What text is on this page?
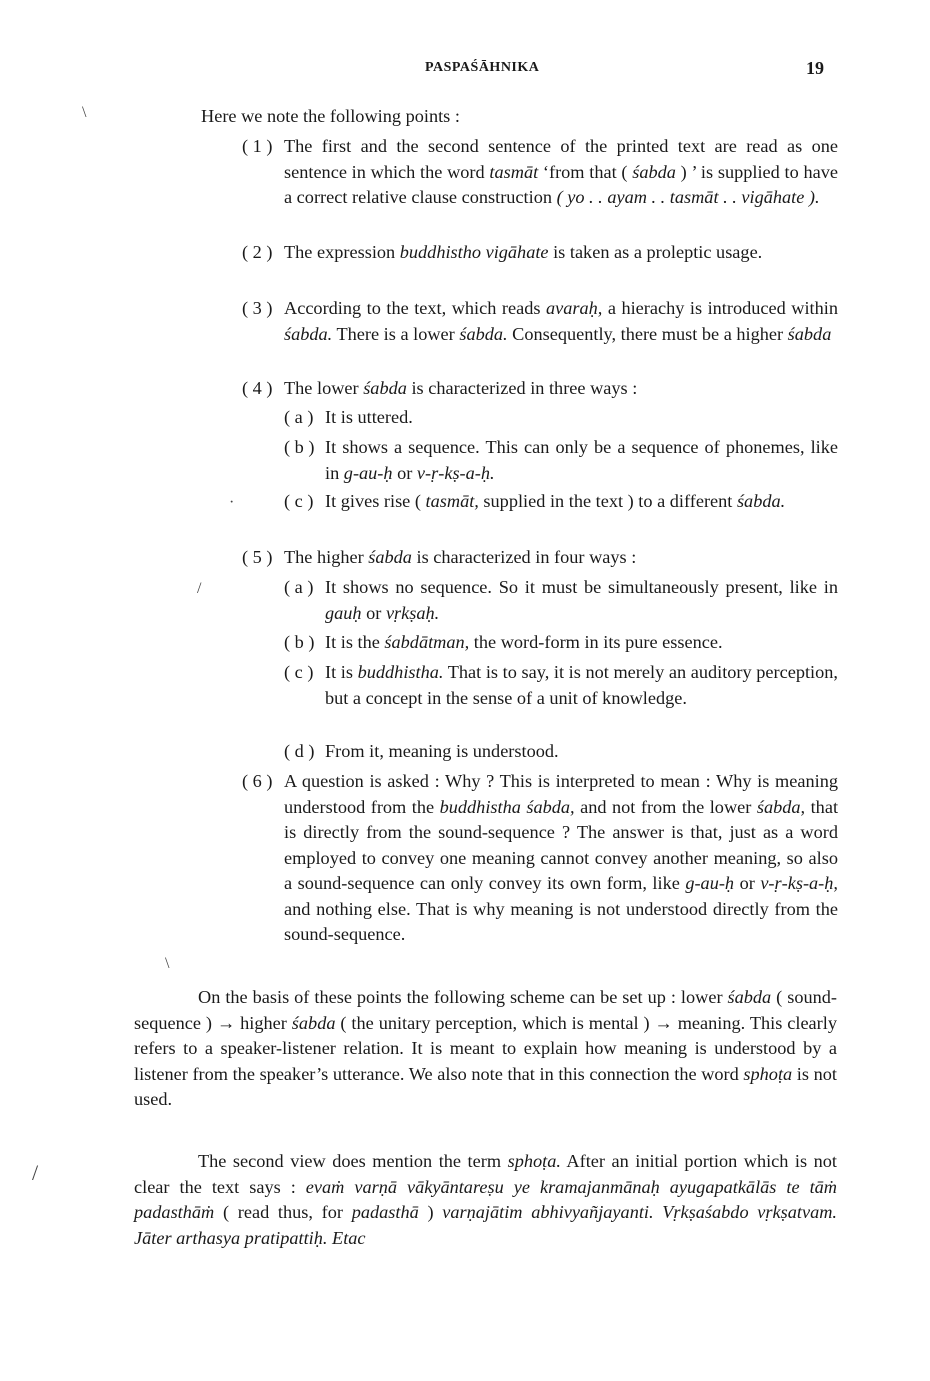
PASPAŚĀHNIKA	19
\
·
/
\
/
Here we note the following points :
( 1 ) The first and the second sentence of the printed text are read as one sentence in which the word tasmāt ‘from that ( śabda ) ’ is supplied to have a correct relative clause construction ( yo . . ayam . . tasmāt . . vigāhate ).
( 2 ) The expression buddhistho vigāhate is taken as a proleptic usage.
( 3 ) According to the text, which reads avaraḥ, a hierachy is introduced within śabda. There is a lower śabda. Consequently, there must be a higher śabda
( 4 ) The lower śabda is characterized in three ways :
( a ) It is uttered.
( b ) It shows a sequence. This can only be a sequence of phonemes, like in g-au-ḥ or v-ṛ-kṣ-a-ḥ.
( c ) It gives rise ( tasmāt, supplied in the text ) to a different śabda.
( 5 ) The higher śabda is characterized in four ways :
( a ) It shows no sequence. So it must be simultaneously present, like in gauḥ or vṛkṣaḥ.
( b ) It is the śabdātman, the word-form in its pure essence.
( c ) It is buddhistha. That is to say, it is not merely an auditory perception, but a concept in the sense of a unit of knowledge.
( d ) From it, meaning is understood.
( 6 ) A question is asked : Why ? This is interpreted to mean : Why is meaning understood from the buddhistha śabda, and not from the lower śabda, that is directly from the sound-sequence ? The answer is that, just as a word employed to convey one meaning cannot convey another meaning, so also a sound-sequence can only convey its own form, like g-au-ḥ or v-ṛ-kṣ-a-ḥ, and nothing else. That is why meaning is not understood directly from the sound-sequence.

On the basis of these points the following scheme can be set up : lower śabda ( sound-sequence ) → higher śabda ( the unitary perception, which is mental ) → meaning. This clearly refers to a speaker-listener relation. It is meant to explain how meaning is understood by a listener from the speaker’s utterance. We also note that in this connection the word sphoṭa is not used.

The second view does mention the term sphoṭa. After an initial portion which is not clear the text says : evaṁ varṇā vākyāntareṣu ye kramajanmānaḥ ayugapatkālās te tāṁ padasthāṁ ( read thus, for padasthā ) varṇajātim abhivyañjayanti. Vṛkṣaśabdo vṛkṣatvam. Jāter arthasya pratipattiḥ. Etac
